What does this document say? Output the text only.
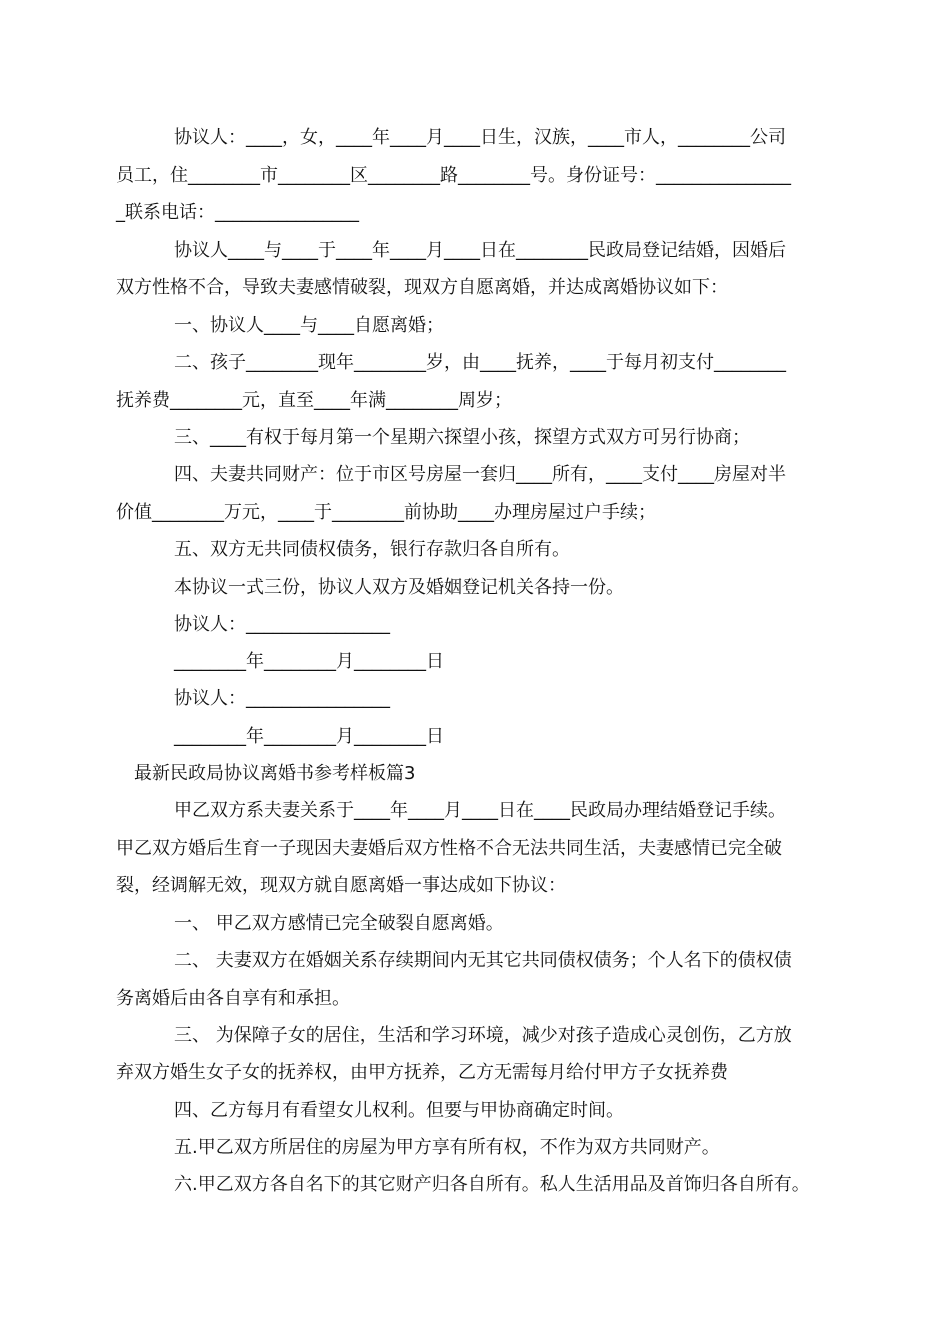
协议人：____，女，____年____月____日生，汉族，____市人，________公司
员工，住________市________区________路________号。身份证号：_______________
_联系电话：________________
协议人____与____于____年____月____日在________民政局登记结婚，因婚后
双方性格不合，导致夫妻感情破裂，现双方自愿离婚，并达成离婚协议如下：
一、协议人____与____自愿离婚；
二、孩子________现年________岁，由____抚养，____于每月初支付________
抚养费________元，直至____年满________周岁；
三、____有权于每月第一个星期六探望小孩，探望方式双方可另行协商；
四、夫妻共同财产：位于市区号房屋一套归____所有，____支付____房屋对半
价值________万元，____于________前协助____办理房屋过户手续；
五、双方无共同债权债务，银行存款归各自所有。
本协议一式三份，协议人双方及婚姻登记机关各持一份。
协议人：________________
________年________月________日
协议人：________________
________年________月________日
最新民政局协议离婚书参考样板篇3
甲乙双方系夫妻关系于____年____月____日在____民政局办理结婚登记手续。
甲乙双方婚后生育一子现因夫妻婚后双方性格不合无法共同生活，夫妻感情已完全破
裂，经调解无效，现双方就自愿离婚一事达成如下协议：
一、 甲乙双方感情已完全破裂自愿离婚。
二、 夫妻双方在婚姻关系存续期间内无其它共同债权债务；个人名下的债权债
务离婚后由各自享有和承担。
三、 为保障子女的居住，生活和学习环境，减少对孩子造成心灵创伤，乙方放
弃双方婚生女子女的抚养权，由甲方抚养，乙方无需每月给付甲方子女抚养费
四、乙方每月有看望女儿权利。但要与甲协商确定时间。
五.甲乙双方所居住的房屋为甲方享有所有权，不作为双方共同财产。
六.甲乙双方各自名下的其它财产归各自所有。私人生活用品及首饰归各自所有。
